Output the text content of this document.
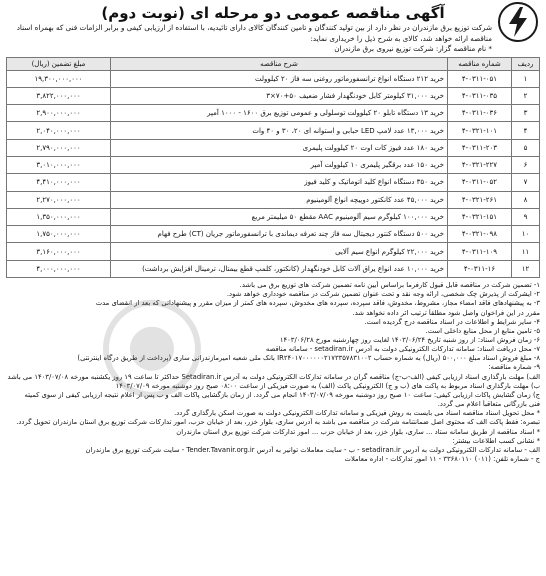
آگهی مناقصه عمومی دو مرحله ای (نوبت دوم)
شرکت توزیع برق مازندران در نظر دارد از بین تولید کنندگان و تامین کنندگان کالای دارای تائیدیه، با استفاده از ارزیابی کیفی و برابر الزامات فنی که بهمراه اسناد
مناقصه ارائه خواهد شد، کالای به شرح ذیل را خریداری نماید:
* نام مناقصه گزار: شرکت توزیع نیروی برق مازندران
ردیف	شماره مناقصه	شرح مناقصه	مبلغ تضمین (ریال)
۱	۴-۰۳۱۱-۰۵۱	خرید ۲۱۲ دستگاه انواع ترانسفورماتور روغنی سه فاز ۲۰ کیلوولت	۱۹,۳۰۰,۰۰۰,۰۰۰
۲	۴-۰۳۱۱-۰۳۵	خرید ۳۱,۰۰۰ کیلومتر کابل خودنگهدار فشار ضعیف ۵۰+۷۰×۳	۳,۸۲۲,۰۰۰,۰۰۰
۳	۴-۰۳۱۱-۰۳۶	خرید ۱۳ دستگاه تابلو ۲۰ کیلوولت توسلولی و عمومی توزیع برق ۱۶۰۰ - ۱۰۰۰ آمپر	۲,۹۰۰,۰۰۰,۰۰۰
۴	۴-۰۳۲۱-۱۰۱	خرید ۱۳,۰۰۰ عدد لامپ LED حبابی و استوانه ای ۲۰، ۳۰ و ۴۰ وات	۲,۰۴۰,۰۰۰,۰۰۰
۵	۴-۰۳۱۱-۲۰۳	خرید ۱۸۰ عدد فیوز کات اوت ۲۰ کیلوولت پلیمری	۲,۷۹۰,۰۰۰,۰۰۰
۶	۴-۰۳۲۱-۲۲۷	خرید ۱۵۰ عدد برقگیر پلیمری ۱۰ کیلوولت آمپر	۳,۰۱۰,۰۰۰,۰۰۰
۷	۴-۰۳۱۱-۰۵۲	خرید ۳۵۰ دستگاه انواع کلید اتوماتیک و کلید فیوز	۴,۴۱۰,۰۰۰,۰۰۰
۸	۴-۰۳۲۱-۲۶۱	خرید ۴۵,۰۰۰ عدد کانکتور دوپیچه انواع آلومینیوم	۲,۲۷۰,۰۰۰,۰۰۰
۹	۴-۰۳۲۱-۱۵۱	خرید ۱۰۰,۰۰۰ کیلوگرم سیم آلومینیوم AAC مقطع ۵۰ میلیمتر مربع	۱,۳۵۰,۰۰۰,۰۰۰
۱۰	۴-۰۳۲۱-۰۹۸	خرید ۵۰۰ دستگاه کنتور دیجیتال سه فاز چند تعرفه دیماندی با ترانسفورماتور جریان (CT) طرح فهام	۱,۷۵۰,۰۰۰,۰۰۰
۱۱	۴-۰۳۱۱-۱۰۹	خرید ۲۲,۰۰۰ کیلوگرم انواع سیم آلایی	۳,۱۶۰,۰۰۰,۰۰۰
۱۲	۴-۰۳۱۱-۱۶	خرید ۱۰,۰۰۰ عدد انواع یراق آلات کابل خودنگهدار (کانکتور، کلمپ قطع بیمتال، ترمینال افزایش برداشت)	۴,۰۰۰,۰۰۰,۰۰۰
۱- تضمین شرکت در مناقصه قابل قبول کارفرما براساس آیین نامه تضمین شرکت های توزیع برق می باشد.
۲- ایشرکت از پذیرش چک شخصی، ارائه وجه نقد و تحت عنوان تضمین شرکت در مناقصه خودداری خواهد شود.
۳- به پیشنهادهای فاقد امضاء مجاز، مشروط، مخدوش، فاقد سپرده، سپرده های مخدوش، سپرده های کمتر از میزان مقرر و پیشنهاداتی که بعد از انقضای مدت
مقرر در این فراخوان واصل شود مطلقاً ترتیب اثر داده نخواهد شد.
۴- سایر شرایط و اطلاعات در اسناد مناقصه درج گردیده است.
۵- تامین منابع از محل منابع داخلی است.
۶- زمان فروش اسناد: از روز شنبه تاریخ ۱۴۰۳/۰۶/۲۴ لغایت روز چهارشنبه مورخ ۱۴۰۳/۰۶/۲۸
۷- محل دریافت اسناد: سامانه تدارکات الکترونیکی دولت به آدرس setadiran.ir - سامانه مناقصه
۸- مبلغ فروش اسناد مبلغ ۵۰۰,۰۰۰ (ریال) به شماره حساب IR۲۴۰۱۷۰۰۰۰۰۰۲۱۷۳۳۵۷۸۳۱۰۰۲ بانک ملی شعبه امیرمازندرانی ساری (پرداخت از طریق درگاه اینترنتی)
۹- شماره مناقصه:
الف) مهلت بارگذاری اسناد ارزیابی کیفی (الف-ب-ج) مناقصه گران در سامانه تدارکات الکترونیکی دولت به آدرس Setadiran.ir حداکثر تا ساعت ۱۹ روز یکشنبه مورخه ۱۴۰۳/۰۷/۰۸ می باشد
ب) مهلت بارگذاری اسناد مربوط به پاکت های (ب و ج) الکترونیکی پاکت (الف) به صورت فیزیکی از ساعت ۰۸:۰۰ صبح روز دوشنبه مورخه ۱۴۰۳/۰۷/۰۹
ج) زمان گشایش پاکات ارزیابی کیفی: ساعت ۱۰ صبح روز دوشنبه مورخه ۱۴۰۳/۰۷/۰۹ انجام می گردد. از زمان بازگشایی پاکات الف و ب پس از اعلام نتیجه ارزیابی کیفی از سوی کمیته
فنی بازرگانی متعاقباً اعلام می گردد.
* محل تحویل اسناد مناقصه اسناد می بایست به روش فیزیکی و سامانه تدارکات الکترونیکی دولت به صورت اسکن بارگذاری گردد.
تبصره: فقط پاکت الف که محتوی اصل ضمانتنامه شرکت در مناقصه می باشد به آدرس ساری، بلوار خزر، بعد از خیابان حزب، امور تدارکات شرکت توزیع برق استان مازندران تحویل گردد.
* اسناد مناقصه از طریق سامانه ستاد ... ساری، بلوار خزر، بعد از خیابان حزب ... امور تدارکات شرکت توزیع برق استان مازندران
* نشانی کسب اطلاعات بیشتر:
الف - سامانه تدارکات الکترونیکی دولت به آدرس setadiran.ir - ب - سایت معاملات توانیر به آدرس Tender.Tavanir.org.ir - سایت شرکت توزیع برق مازندران
ج - شماره تلفن: (۰۱۱) ۳۳۶۸۰۱۱۰ - ۱۱ امور تدارکات - اداره معاملات
